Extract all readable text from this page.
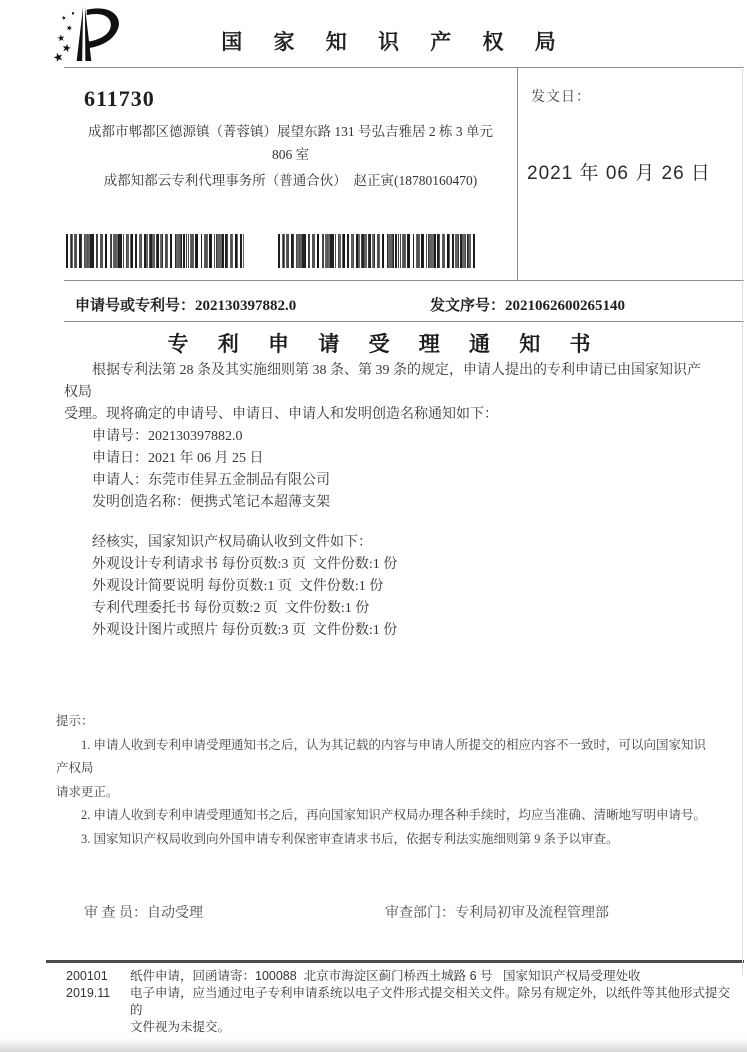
国 家 知 识 产 权 局
611730
成都市郫都区德源镇（菁蓉镇）展望东路 131 号弘吉雅居 2 栋 3 单元
806 室
成都知都云专利代理事务所（普通合伙）  赵正寅(18780160470)
发文日：
2021 年 06 月 26 日
申请号或专利号：202130397882.0	发文序号：2021062600265140
专 利 申 请 受 理 通 知 书
根据专利法第 28 条及其实施细则第 38 条、第 39 条的规定，申请人提出的专利申请已由国家知识产权局
受理。现将确定的申请号、申请日、申请人和发明创造名称通知如下：
申请号：202130397882.0
申请日：2021 年 06 月 25 日
申请人：东莞市佳昇五金制品有限公司
发明创造名称：便携式笔记本超薄支架
经核实，国家知识产权局确认收到文件如下：
外观设计专利请求书 每份页数:3 页  文件份数:1 份
外观设计简要说明 每份页数:1 页  文件份数:1 份
专利代理委托书 每份页数:2 页  文件份数:1 份
外观设计图片或照片 每份页数:3 页  文件份数:1 份
提示：
1. 申请人收到专利申请受理通知书之后，认为其记载的内容与申请人所提交的相应内容不一致时，可以向国家知识产权局
请求更正。
2. 申请人收到专利申请受理通知书之后，再向国家知识产权局办理各种手续时，均应当准确、清晰地写明申请号。
3. 国家知识产权局收到向外国申请专利保密审查请求书后，依据专利法实施细则第 9 条予以审查。
审 查 员：自动受理	审查部门：专利局初审及流程管理部
200101
2019.11
纸件申请，回函请寄：100088  北京市海淀区蓟门桥西土城路 6 号   国家知识产权局受理处收
电子申请，应当通过电子专利申请系统以电子文件形式提交相关文件。除另有规定外，以纸件等其他形式提交的
文件视为未提交。
